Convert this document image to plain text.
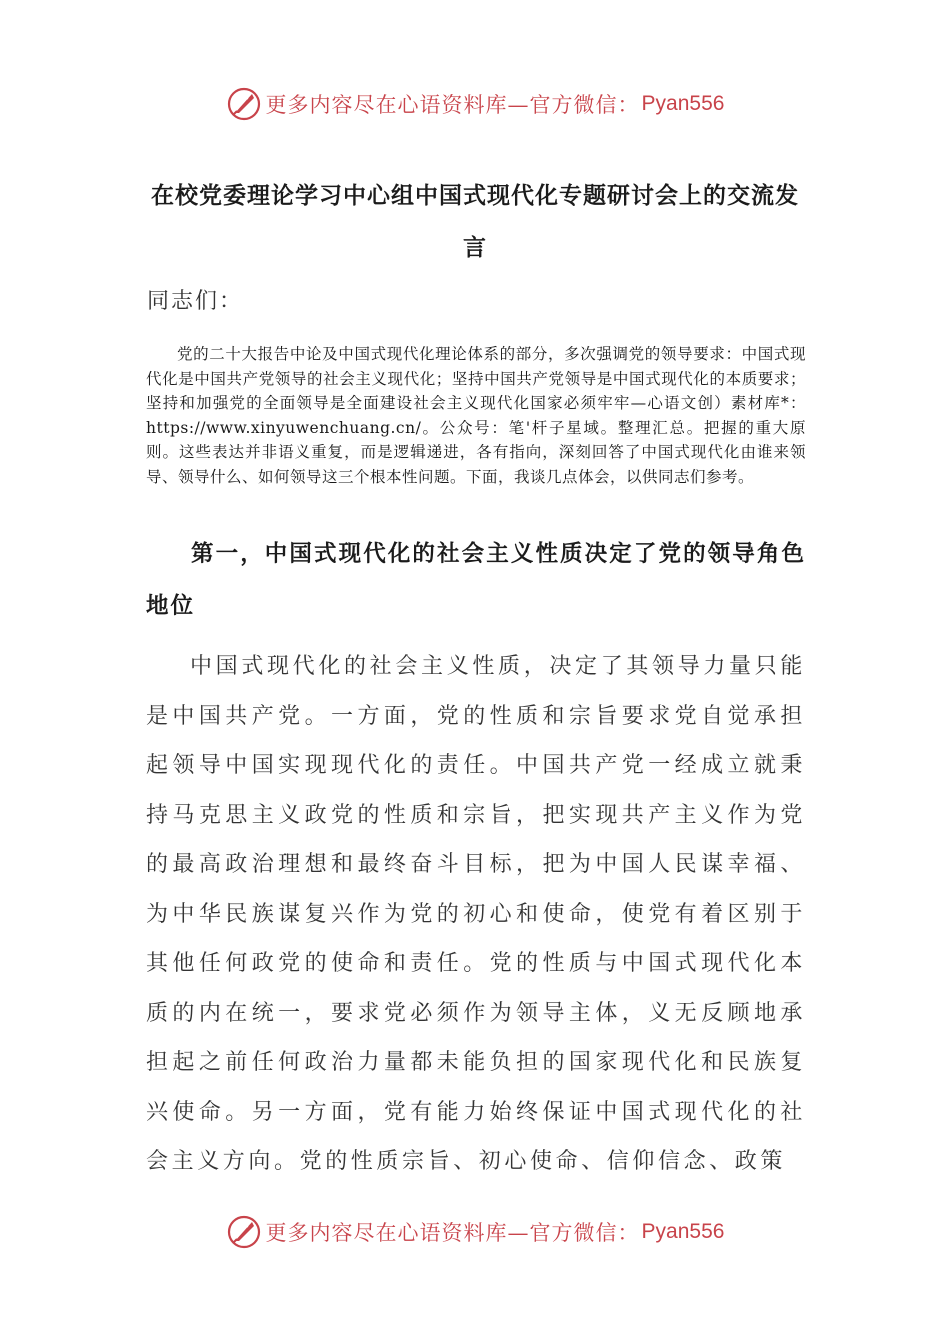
更多内容尽在心语资料库—官方微信： Pyan556
在校党委理论学习中心组中国式现代化专题研讨会上的交流发言
同志们：
党的二十大报告中论及中国式现代化理论体系的部分，多次强调党的领导要求：中国式现代化是中国共产党领导的社会主义现代化；坚持中国共产党领导是中国式现代化的本质要求；坚持和加强党的全面领导是全面建设社会主义现代化国家必须牢牢—心语文创）素材库*：https://www.xinyuwenchuang.cn/。公众号：笔'杆子星域。整理汇总。把握的重大原则。这些表达并非语义重复，而是逻辑递进，各有指向，深刻回答了中国式现代化由谁来领导、领导什么、如何领导这三个根本性问题。下面，我谈几点体会，以供同志们参考。
第一，中国式现代化的社会主义性质决定了党的领导角色地位
中国式现代化的社会主义性质，决定了其领导力量只能是中国共产党。一方面，党的性质和宗旨要求党自觉承担起领导中国实现现代化的责任。中国共产党一经成立就秉持马克思主义政党的性质和宗旨，把实现共产主义作为党的最高政治理想和最终奋斗目标，把为中国人民谋幸福、为中华民族谋复兴作为党的初心和使命，使党有着区别于其他任何政党的使命和责任。党的性质与中国式现代化本质的内在统一，要求党必须作为领导主体，义无反顾地承担起之前任何政治力量都未能负担的国家现代化和民族复兴使命。另一方面，党有能力始终保证中国式现代化的社会主义方向。党的性质宗旨、初心使命、信仰信念、政策
更多内容尽在心语资料库—官方微信： Pyan556
